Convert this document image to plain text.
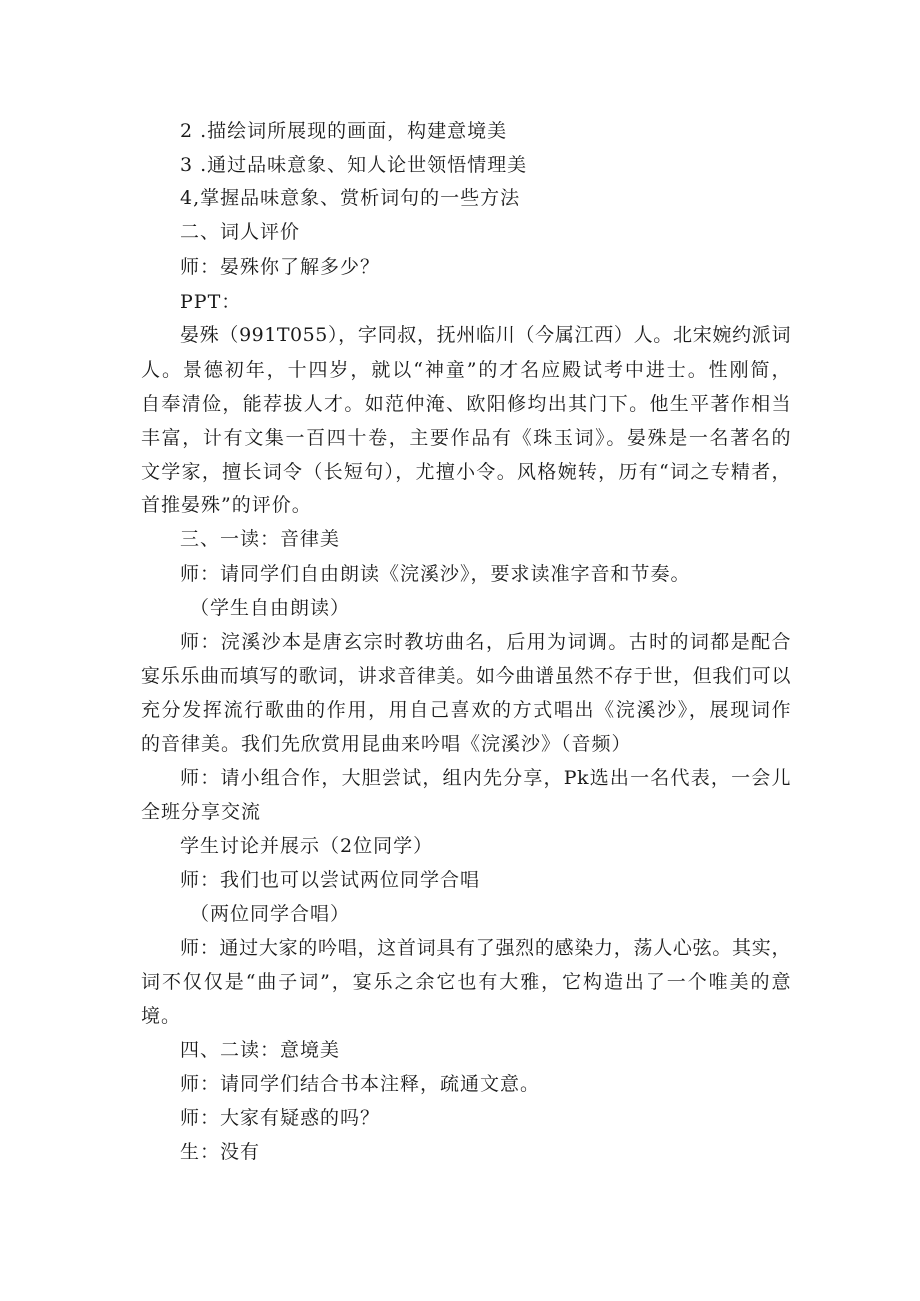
2 .描绘词所展现的画面，构建意境美
3 .通过品味意象、知人论世领悟情理美
4,掌握品味意象、赏析词句的一些方法
二、词人评价
师：晏殊你了解多少？
PPT：
晏殊（991T055），字同叔，抚州临川（今属江西）人。北宋婉约派词
人。景德初年，十四岁，就以“神童”的才名应殿试考中进士。性刚简，
自奉清俭，能荐拔人才。如范仲淹、欧阳修均出其门下。他生平著作相当
丰富，计有文集一百四十卷，主要作品有《珠玉词》。晏殊是一名著名的
文学家，擅长词令（长短句），尤擅小令。风格婉转，历有“词之专精者，
首推晏殊”的评价。
三、一读：音律美
师：请同学们自由朗读《浣溪沙》，要求读准字音和节奏。
（学生自由朗读）
师：浣溪沙本是唐玄宗时教坊曲名，后用为词调。古时的词都是配合
宴乐乐曲而填写的歌词，讲求音律美。如今曲谱虽然不存于世，但我们可以
充分发挥流行歌曲的作用，用自己喜欢的方式唱出《浣溪沙》，展现词作
的音律美。我们先欣赏用昆曲来吟唱《浣溪沙》（音频）
师：请小组合作，大胆尝试，组内先分享，Pk选出一名代表，一会儿
全班分享交流
学生讨论并展示（2位同学）
师：我们也可以尝试两位同学合唱
（两位同学合唱）
师：通过大家的吟唱，这首词具有了强烈的感染力，荡人心弦。其实，
词不仅仅是“曲子词”，宴乐之余它也有大雅，它构造出了一个唯美的意
境。
四、二读：意境美
师：请同学们结合书本注释，疏通文意。
师：大家有疑惑的吗？
生：没有
